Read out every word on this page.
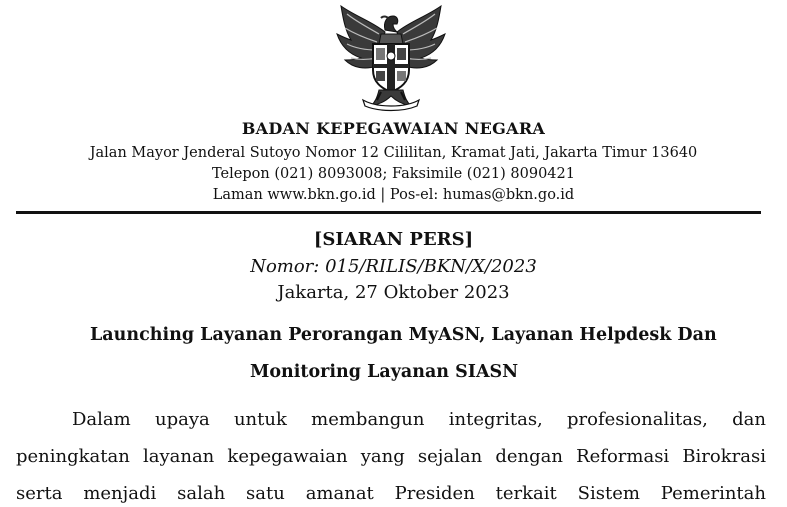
BADAN KEPEGAWAIAN NEGARA
Jalan Mayor Jenderal Sutoyo Nomor 12 Cililitan, Kramat Jati, Jakarta Timur 13640
Telepon (021) 8093008; Faksimile (021) 8090421
Laman www.bkn.go.id | Pos-el: humas@bkn.go.id
[SIARAN PERS]
Nomor: 015/RILIS/BKN/X/2023
Jakarta, 27 Oktober 2023
Launching Layanan Perorangan MyASN, Layanan Helpdesk Dan
Monitoring Layanan SIASN
Dalam upaya untuk membangun integritas, profesionalitas, dan
peningkatan layanan kepegawaian yang sejalan dengan Reformasi Birokrasi
serta menjadi salah satu amanat Presiden terkait Sistem Pemerintah
